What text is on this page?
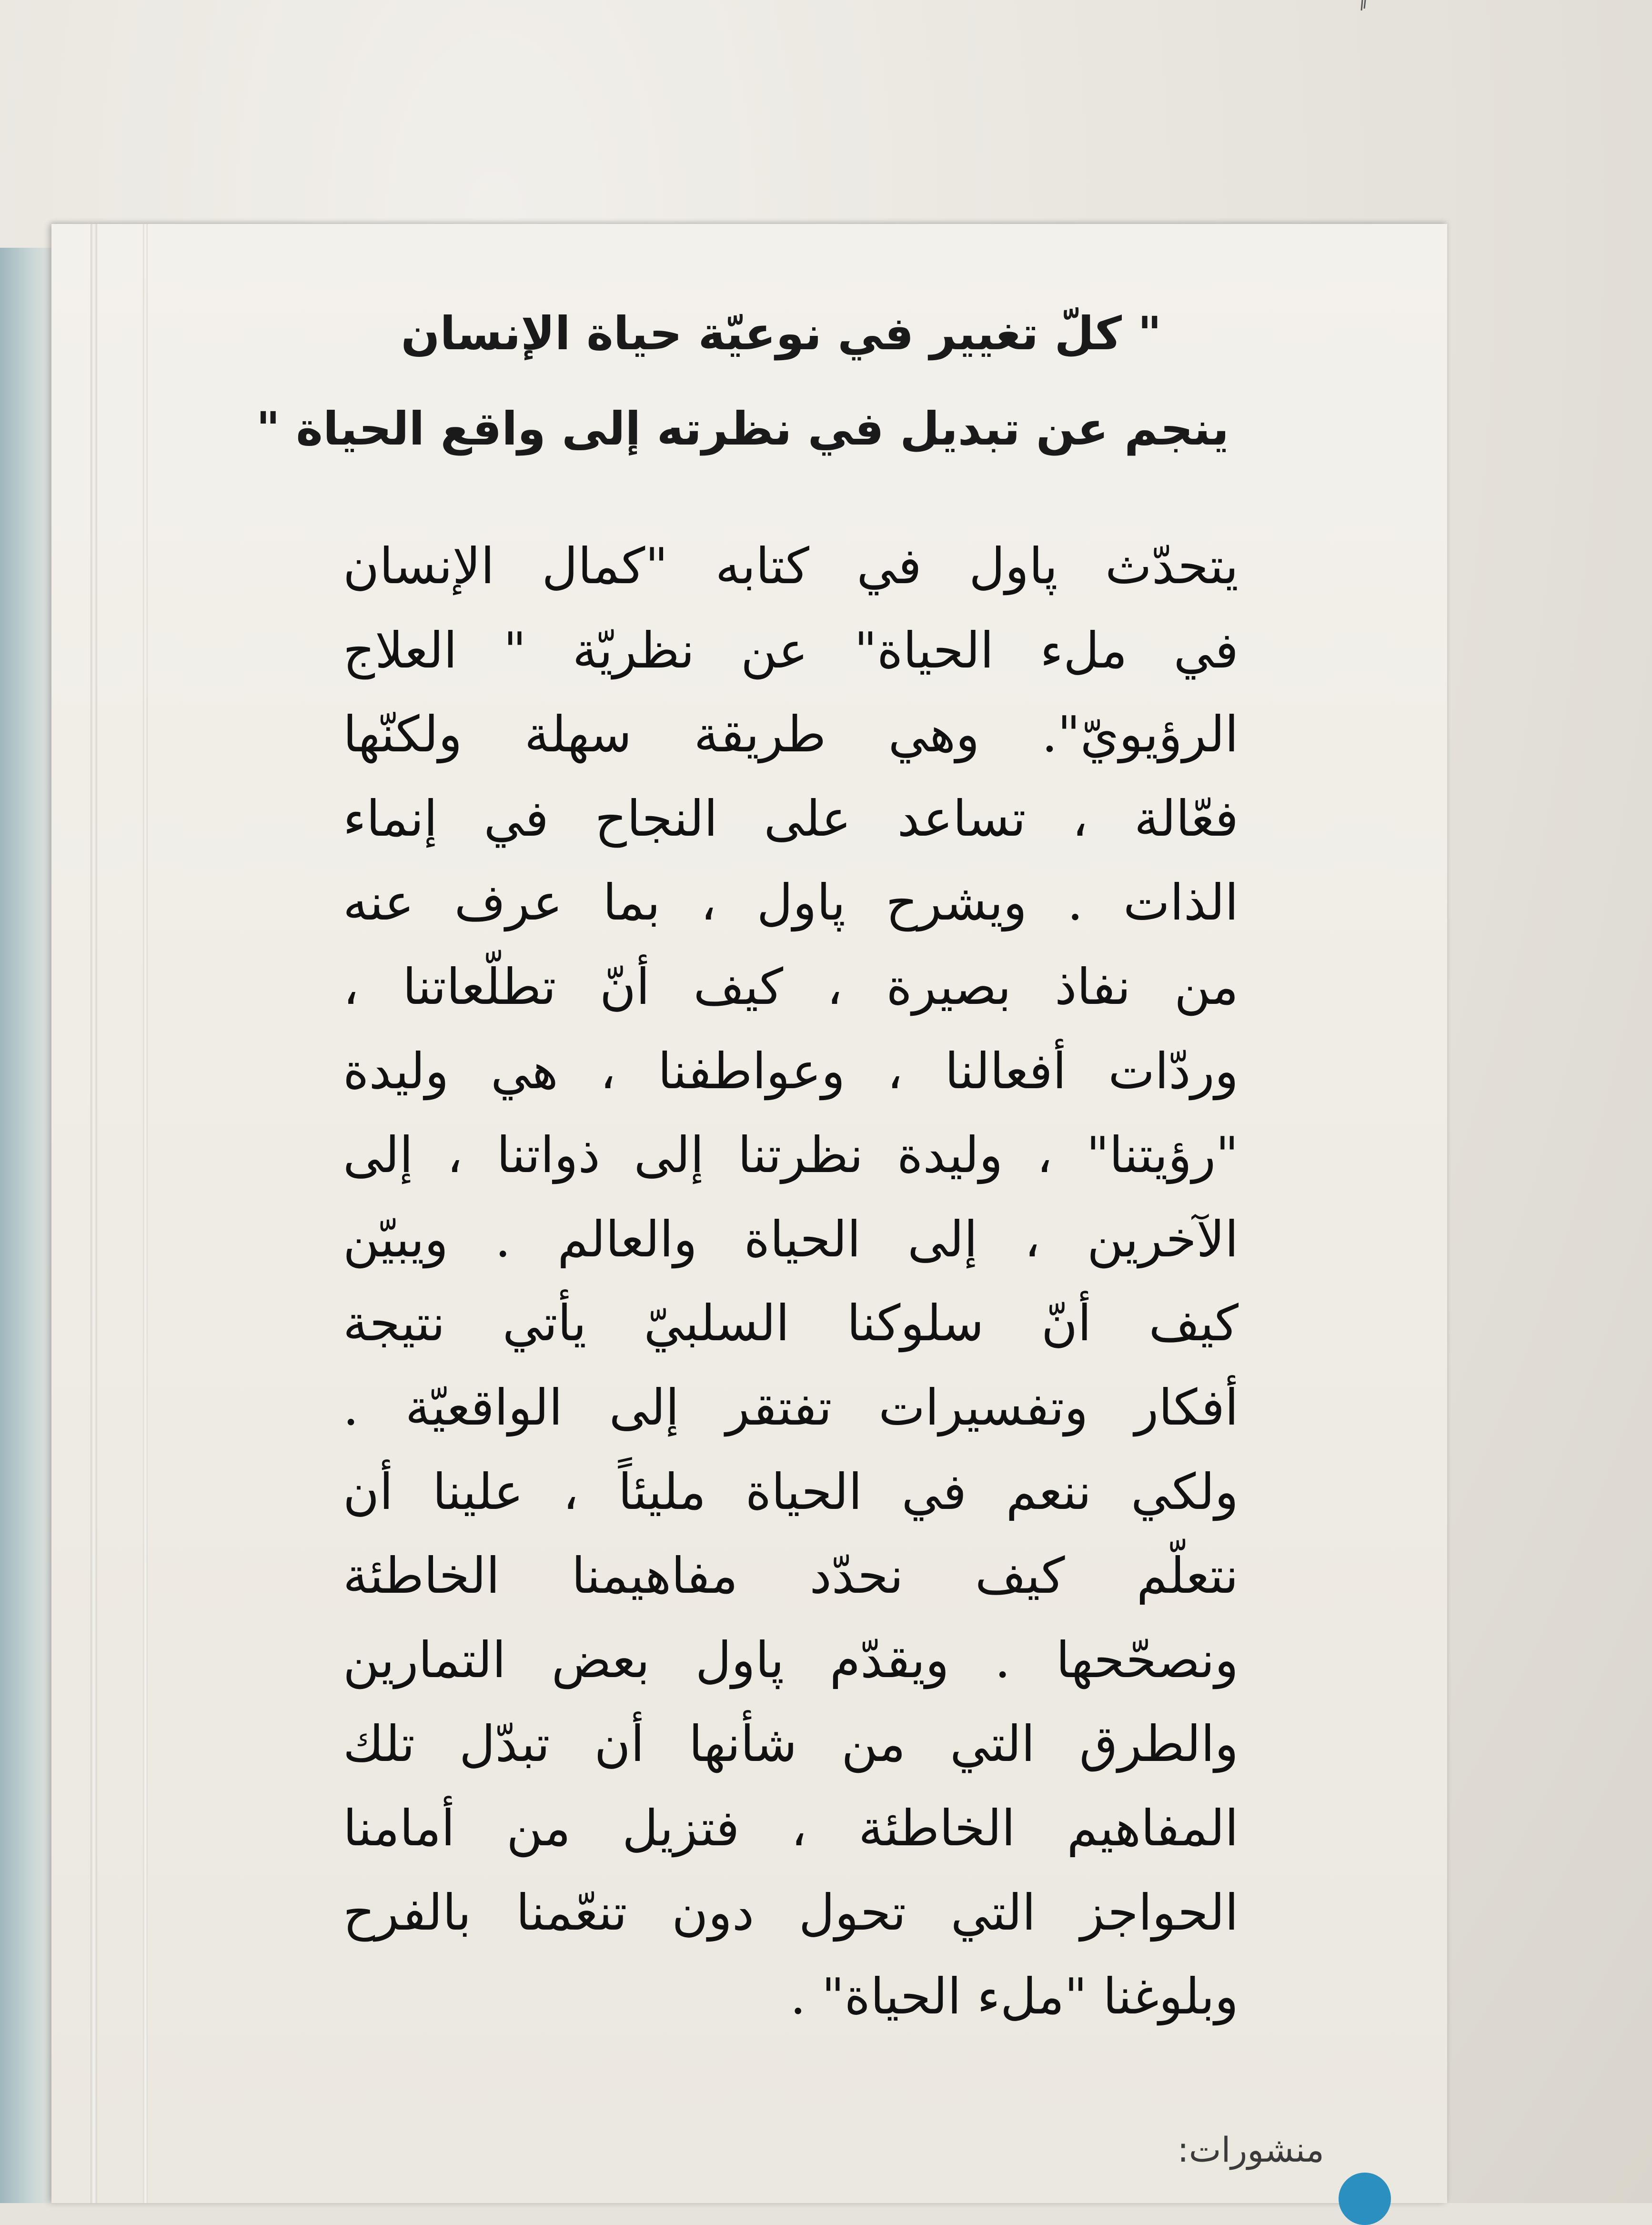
" كلّ تغيير في نوعيّة حياة الإنسان
ينجم عن تبديل في نظرته إلى واقع الحياة "
يتحدّث پاول في كتابه "كمال الإنسان
في ملء الحياة" عن نظريّة " العلاج
الرؤيويّ". وهي طريقة سهلة ولكنّها
فعّالة ، تساعد على النجاح في إنماء
الذات . ويشرح پاول ، بما عرف عنه
من نفاذ بصيرة ، كيف أنّ تطلّعاتنا ،
وردّات أفعالنا ، وعواطفنا ، هي وليدة
"رؤيتنا" ، وليدة نظرتنا إلى ذواتنا ، إلى
الآخرين ، إلى الحياة والعالم . ويبيّن
كيف أنّ سلوكنا السلبيّ يأتي نتيجة
أفكار وتفسيرات تفتقر إلى الواقعيّة .
ولكي ننعم في الحياة مليئاً ، علينا أن
نتعلّم كيف نحدّد مفاهيمنا الخاطئة
ونصحّحها . ويقدّم پاول بعض التمارين
والطرق التي من شأنها أن تبدّل تلك
المفاهيم الخاطئة ، فتزيل من أمامنا
الحواجز التي تحول دون تنعّمنا بالفرح
وبلوغنا "ملء الحياة" .
منشورات:
